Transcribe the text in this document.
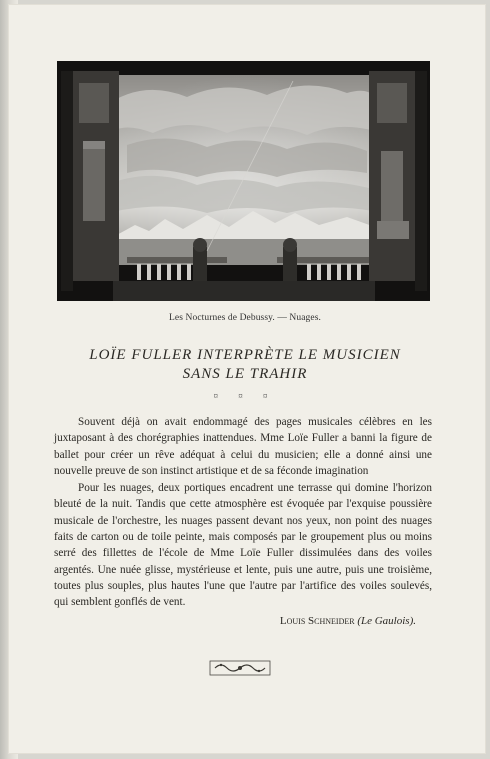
Les Nocturnes de Debussy. — Nuages.
LOÏE FULLER INTERPRÈTE LE MUSICIEN
SANS LE TRAHIR
¤ ¤ ¤

Souvent déjà on avait endommagé des pages musicales célèbres en les juxtaposant à des chorégraphies inattendues. Mme Loïe Fuller a banni la figure de ballet pour créer un rêve adéquat à celui du musicien; elle a donné ainsi une nouvelle preuve de son instinct artistique et de sa féconde imagination

Pour les nuages, deux portiques encadrent une terrasse qui domine l'horizon bleuté de la nuit. Tandis que cette atmosphère est évoquée par l'exquise poussière musicale de l'orchestre, les nuages passent devant nos yeux, non point des nuages faits de carton ou de toile peinte, mais composés par le groupement plus ou moins serré des fillettes de l'école de Mme Loïe Fuller dissimulées dans des voiles argentés. Une nuée glisse, mystérieuse et lente, puis une autre, puis une troisième, toutes plus souples, plus hautes l'une que l'autre par l'artifice des voiles soulevés, qui semblent gonflés de vent.

Louis Schneider (Le Gaulois).
